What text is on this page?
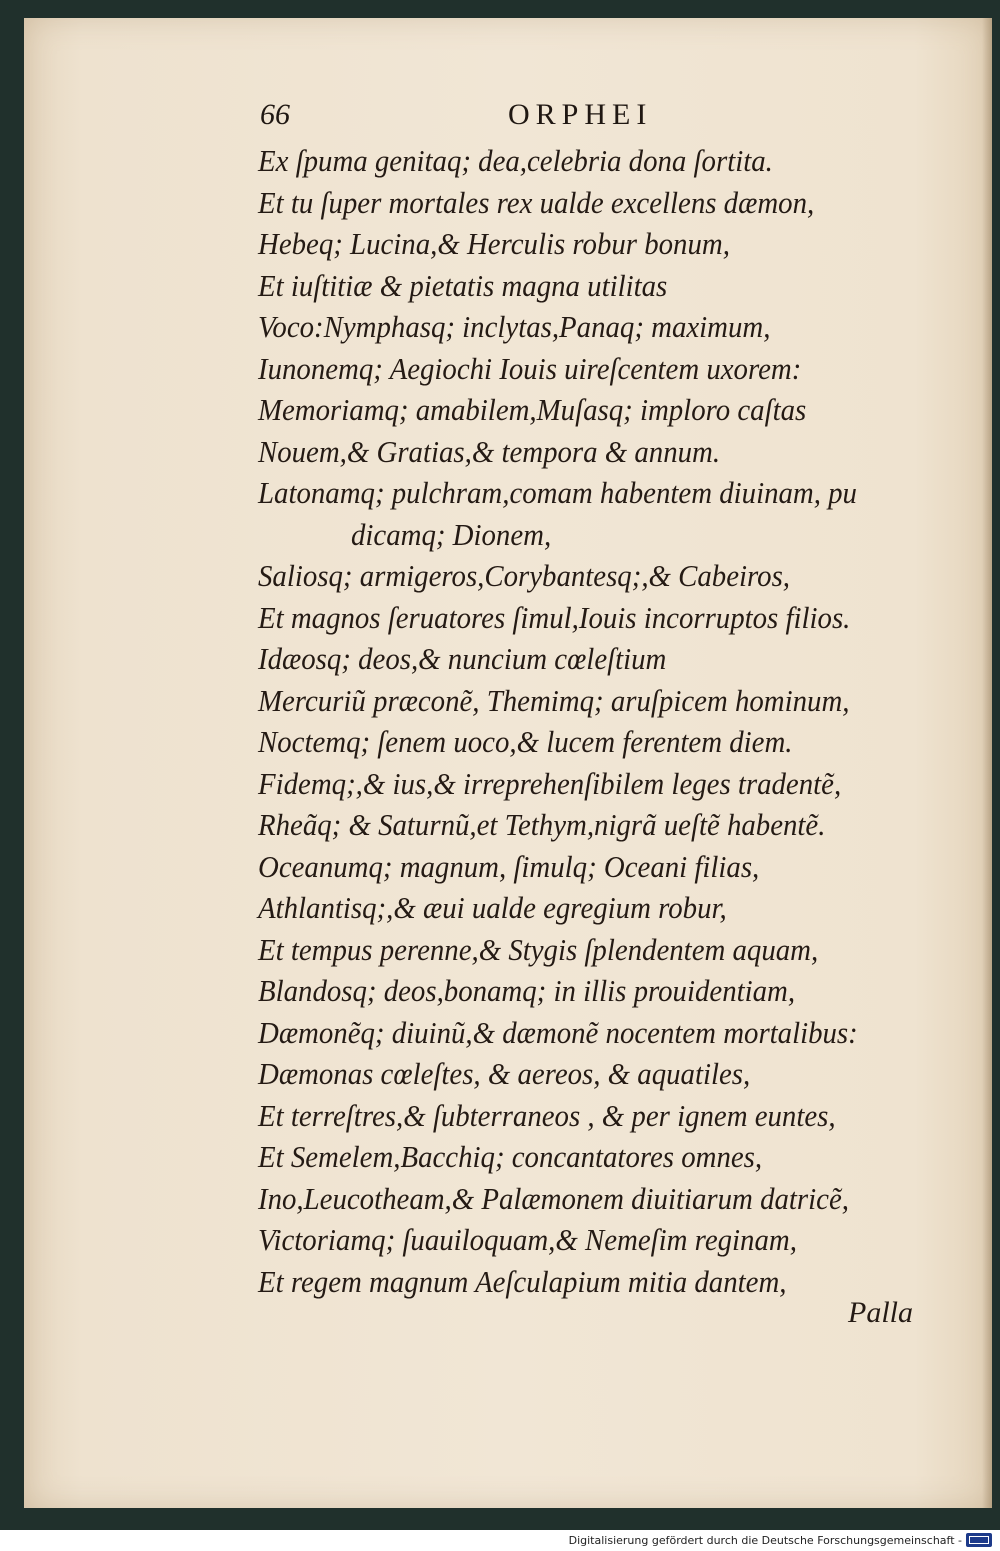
66	ORPHEI
Ex ſpuma genitaq; dea,celebria dona ſortita.
Et tu ſuper mortales rex ualde excellens dæmon,
Hebeq; Lucina,& Herculis robur bonum,
Et iuſtitiæ & pietatis magna utilitas
Voco:Nymphasq; inclytas,Panaq; maximum,
Iunonemq; Aegiochi Iouis uireſcentem uxorem:
Memoriamq; amabilem,Muſasq; imploro caſtas
Nouem,& Gratias,& tempora & annum.
Latonamq; pulchram,comam habentem diuinam, pu
dicamq; Dionem,
Saliosq; armigeros,Corybantesq;,& Cabeiros,
Et magnos ſeruatores ſimul,Iouis incorruptos filios.
Idæosq; deos,& nuncium cœleſtium
Mercuriũ præconẽ, Themimq; aruſpicem hominum,
Noctemq; ſenem uoco,& lucem ferentem diem.
Fidemq;,& ius,& irreprehenſibilem leges tradentẽ,
Rheãq; & Saturnũ,et Tethym,nigrã ueſtẽ habentẽ.
Oceanumq; magnum, ſimulq; Oceani filias,
Athlantisq;,& æui ualde egregium robur,
Et tempus perenne,& Stygis ſplendentem aquam,
Blandosq; deos,bonamq; in illis prouidentiam,
Dæmonẽq; diuinũ,& dæmonẽ nocentem mortalibus:
Dæmonas cœleſtes, & aereos, & aquatiles,
Et terreſtres,& ſubterraneos , & per ignem euntes,
Et Semelem,Bacchiq; concantatores omnes,
Ino,Leucotheam,& Palæmonem diuitiarum datricẽ,
Victoriamq; ſuauiloquam,& Nemeſim reginam,
Et regem magnum Aeſculapium mitia dantem,
Palla
Digitalisierung gefördert durch die Deutsche Forschungsgemeinschaft -
